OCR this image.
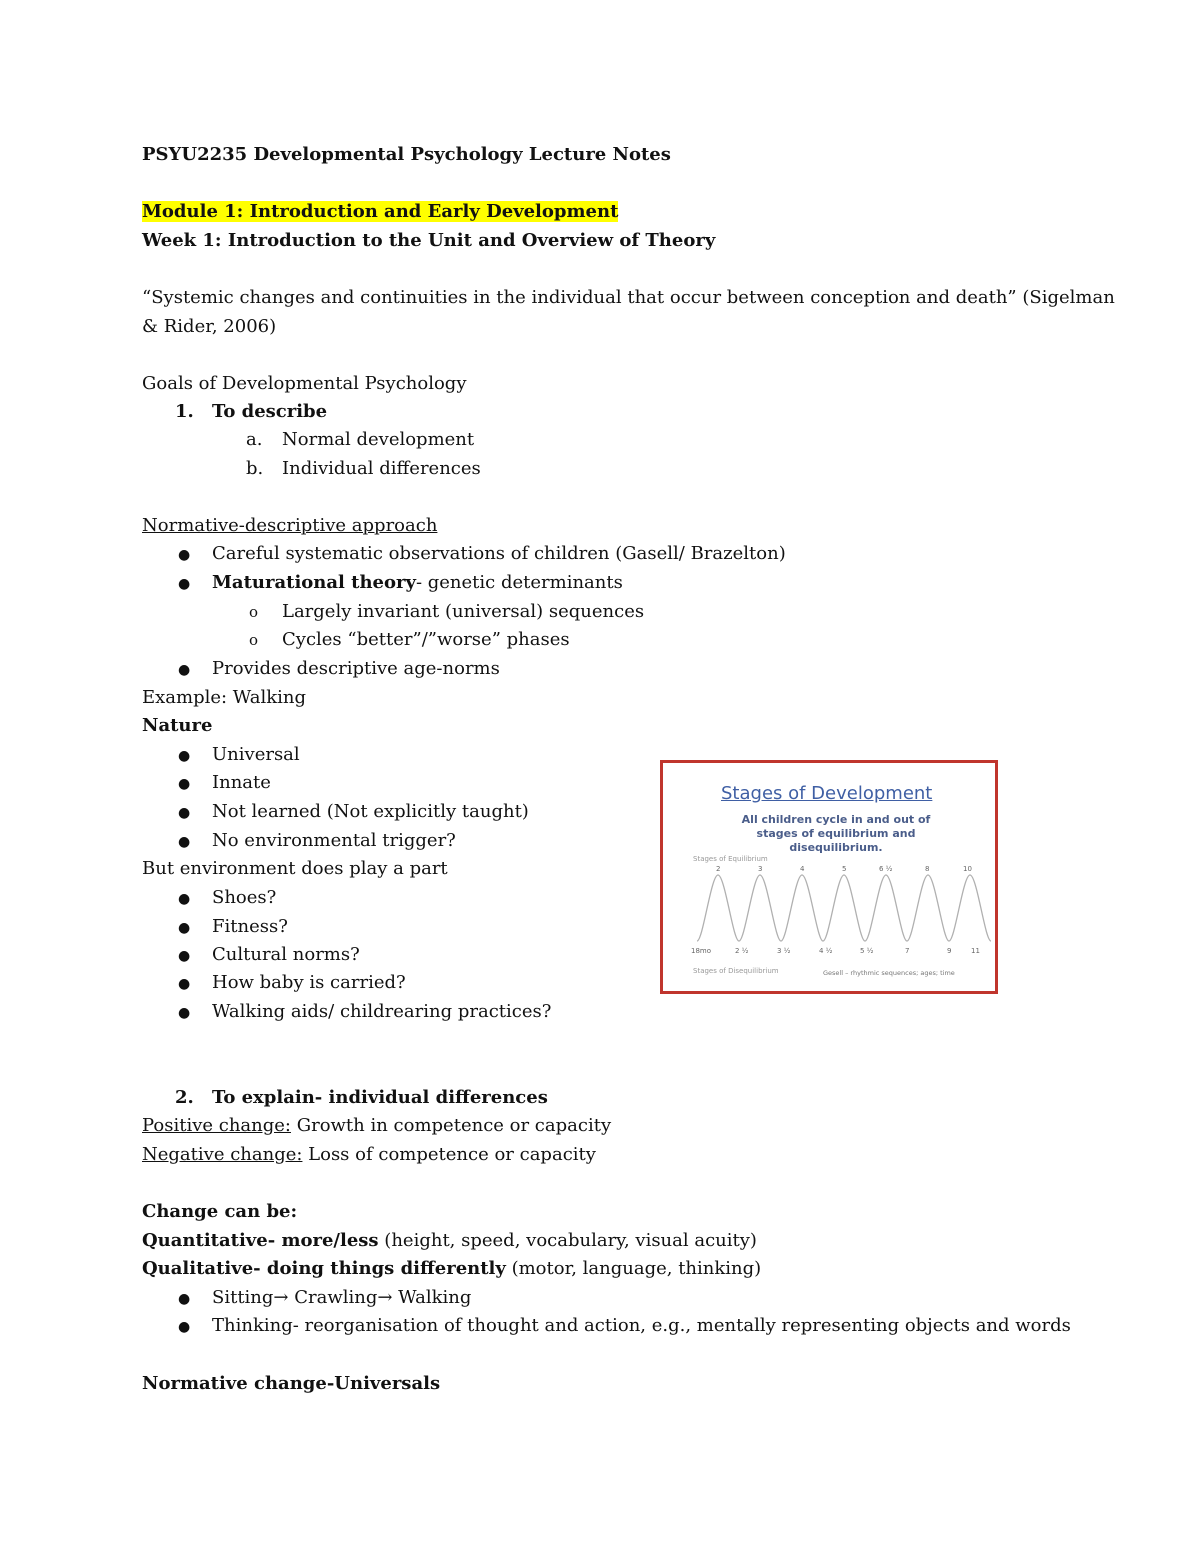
PSYU2235 Developmental Psychology Lecture Notes
Module 1: Introduction and Early Development
Week 1: Introduction to the Unit and Overview of Theory
“Systemic changes and continuities in the individual that occur between conception and death” (Sigelman
& Rider, 2006)
Goals of Developmental Psychology
1. To describe
a. Normal development
b. Individual differences
Normative-descriptive approach
● Careful systematic observations of children (Gasell/ Brazelton)
● Maturational theory- genetic determinants
o Largely invariant (universal) sequences
o Cycles “better”/”worse” phases
● Provides descriptive age-norms
Example: Walking
Nature
● Universal
● Innate
● Not learned (Not explicitly taught)
● No environmental trigger?
But environment does play a part
● Shoes?
● Fitness?
● Cultural norms?
● How baby is carried?
● Walking aids/ childrearing practices?
2. To explain- individual differences
Positive change: Growth in competence or capacity
Negative change: Loss of competence or capacity
Change can be:
Quantitative- more/less (height, speed, vocabulary, visual acuity)
Qualitative- doing things differently (motor, language, thinking)
● Sitting→ Crawling→ Walking
● Thinking- reorganisation of thought and action, e.g., mentally representing objects and words
Normative change-Universals
Stages of Development
All children cycle in and out of stages of equilibrium and disequilibrium.
Stages of Equilibrium
2	3	4	5	6 ½	8	10
18mo	2 ½	3 ½	4 ½	5 ½	7	9	11
Stages of Disequilibrium	Gesell – rhythmic sequences; ages; time
